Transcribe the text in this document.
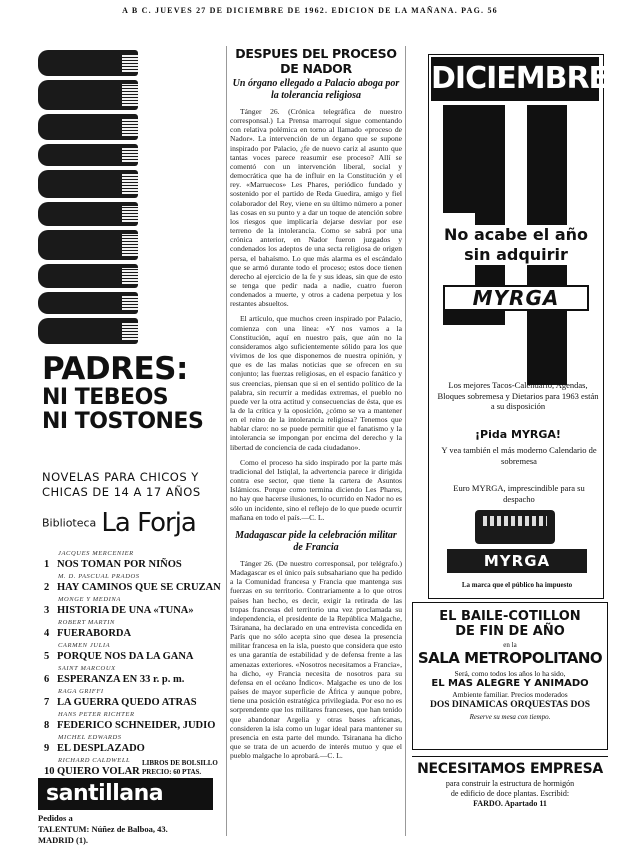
A B C. JUEVES 27 DE DICIEMBRE DE 1962. EDICION DE LA MAÑANA. PAG. 56
PADRES:
NI TEBEOS
NI TOSTONES
NOVELAS PARA CHICOS Y CHICAS DE 14 A 17 AÑOS
Biblioteca La Forja
JACQUES MERCENIER
1 NOS TOMAN POR NIÑOS
M. D. PASCUAL PRADOS
2 HAY CAMINOS QUE SE CRUZAN
MONGE Y MEDINA
3 HISTORIA DE UNA «TUNA»
ROBERT MARTIN
4 FUERABORDA
CARMEN JULIA
5 PORQUE NOS DA LA GANA
SAINT MARCOUX
6 ESPERANZA EN 33 r. p. m.
RAGA GRIFFI
7 LA GUERRA QUEDO ATRAS
HANS PETER RICHTER
8 FEDERICO SCHNEIDER, JUDIO
MICHEL EDWARDS
9 EL DESPLAZADO
RICHARD CALDWELL
10 QUIERO VOLAR
LIBROS DE BOLSILLO
PRECIO: 60 PTAS.
santillana
Pedidos a
TALENTUM: Núñez de Balboa, 43.
MADRID (1).
DESPUES DEL PROCESO DE NADOR
Un órgano ellegado a Palacio aboga por la tolerancia religiosa

Tánger 26. (Crónica telegráfica de nuestro corresponsal.) La Prensa marroquí sigue comentando con relativa polémica en torno al llamado «proceso de Nador». La intervención de un órgano que se supone inspirado por Palacio, ¿fe de nuevo cariz al asunto que tantas voces parece reasumir ese proceso? Allí se comentó con un intervención liberal, social y democrática que ha de influir en la Constitución y el rey. «Marruecos» Les Phares, periódico fundado y sostenido por el partido de Reda Guedira, amigo y fiel colaborador del Rey, viene en su último número a poner las cosas en su punto y a dar un toque de atención sobre los riesgos que implicaría dejarse desviar por ese terreno de la intolerancia. Como se sabrá por una crónica anterior, en Nador fueron juzgados y condenados los adeptos de una secta religiosa de origen persa, el bahaísmo. Lo que más alarma es el escándalo que se armó durante todo el proceso; estos doce tienen derecho al ejercicio de la fe y sus ideas, sin que de esto se tenga que pedir nada a nadie, cuatro fueron condenados a muerte, y otros a cadena perpetua y los restantes absueltos.

El artículo, que muchos creen inspirado por Palacio, comienza con una línea: «Y nos vamos a la Constitución, aquí en nuestro país, que aún no la consideramos algo suficientemente sólido para los que vivimos de los que disponemos de nuestra opinión, y que es de las malas noticias que se ofrecen en su conjunto; las fuerzas religiosas, en el espacio fanático y sus creencias, piensan que si en el sentido político de la palabra, sin recurrir a medidas extremas, el pueblo no puede ver la otra actitud y consecuencias de ésta, que es la de la crítica y la oposición, ¿cómo se va a mantener en el reino de la intolerancia religiosa? Tenemos que hablar claro: no se puede permitir que el fanatismo y la intolerancia se impongan por encima del derecho y la libertad de conciencia de cada ciudadano».

Como el proceso ha sido inspirado por la parte más tradicional del Istiqlal, la advertencia parece ir dirigida contra ese sector, que tiene la cartera de Asuntos Islámicos. Porque como termina diciendo Les Phares, no hay que hacerse ilusiones, lo ocurrido en Nador no es sólo un incidente, sino el reflejo de lo que puede ocurrir mañana en todo el país.—C. L.

Madagascar pide la celebración militar de Francia

Tánger 26. (De nuestro corresponsal, por telégrafo.) Madagascar es el único país subsahariano que ha pedido a la Comunidad francesa y Francia que mantenga sus fuerzas en su territorio. Contrariamente a lo que otros países han hecho, es decir, exigir la retirada de las tropas francesas del territorio una vez proclamada su independencia, el presidente de la República Malgache, Tsiranana, ha declarado en una entrevista concedida en París que no sólo acepta sino que desea la presencia militar francesa en la isla, puesto que considera que esto es una garantía de estabilidad y de defensa frente a las amenazas exteriores. «Nosotros necesitamos a Francia», ha dicho, «y Francia necesita de nosotros para su defensa en el océano Índico». Malgache es uno de los países de mayor superficie de África y aunque pobre, tiene una posición estratégica privilegiada. Por eso no es sorprendente que los militares franceses, que han tenido que abandonar Argelia y otras bases africanas, consideren la isla como un lugar ideal para mantener su presencia en esta parte del mundo. Tsiranana ha dicho que se trata de un acuerdo de interés mutuo y que el pueblo malgache lo aprobará.—C. L.

DICIEMBRE
No acabe el año sin adquirir
MYRGA
Los mejores Tacos-Calendario, Agendas, Bloques sobremesa y Dietarios para 1963 están a su disposición
¡Pida MYRGA!
Y vea también el más moderno Calendario de sobremesa
Euro MYRGA, imprescindible para su despacho
MYRGA
La marca que el público ha impuesto
EL BAILE-COTILLON
DE FIN DE AÑO
en la
SALA METROPOLITANO
Será, como todos los años lo ha sido,
EL MAS ALEGRE Y ANIMADO
Ambiente familiar. Precios moderados
DOS DINAMICAS ORQUESTAS DOS
Reserve su mesa con tiempo.
NECESITAMOS EMPRESA
para construir la estructura de hormigón
de edificio de doce plantas. Escribid:
FARDO. Apartado 11
